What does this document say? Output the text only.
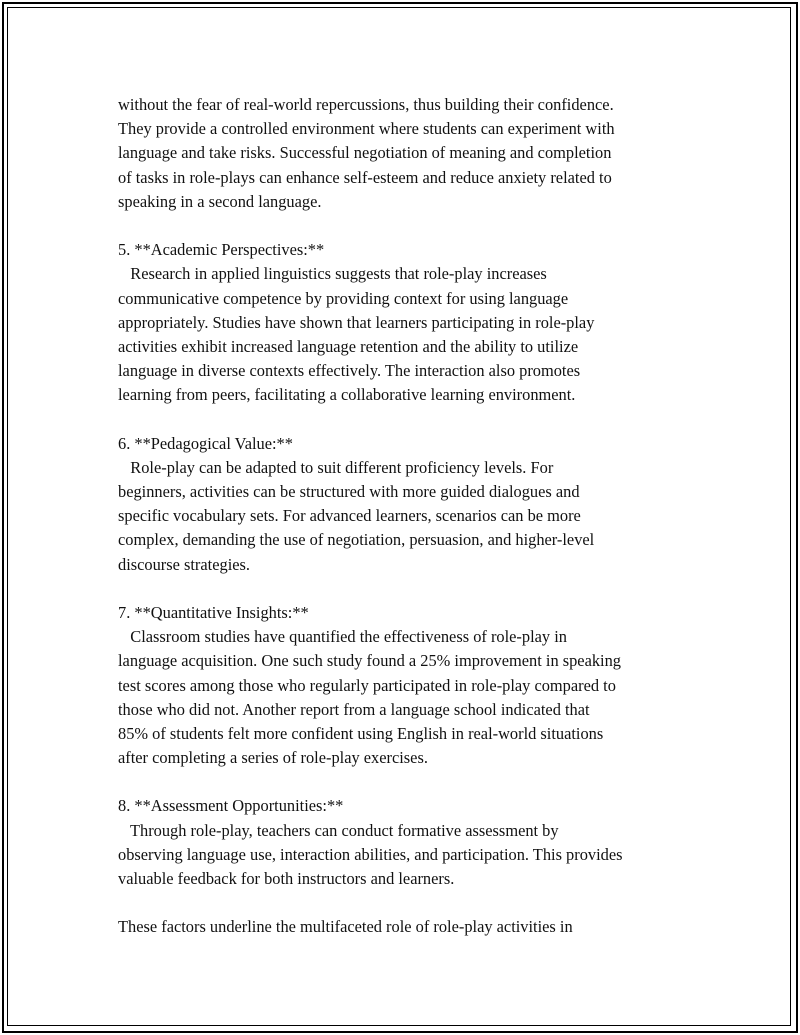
without the fear of real-world repercussions, thus building their confidence.
They provide a controlled environment where students can experiment with
language and take risks. Successful negotiation of meaning and completion
of tasks in role-plays can enhance self-esteem and reduce anxiety related to
speaking in a second language.
5. **Academic Perspectives:**
Research in applied linguistics suggests that role-play increases
communicative competence by providing context for using language
appropriately. Studies have shown that learners participating in role-play
activities exhibit increased language retention and the ability to utilize
language in diverse contexts effectively. The interaction also promotes
learning from peers, facilitating a collaborative learning environment.
6. **Pedagogical Value:**
Role-play can be adapted to suit different proficiency levels. For
beginners, activities can be structured with more guided dialogues and
specific vocabulary sets. For advanced learners, scenarios can be more
complex, demanding the use of negotiation, persuasion, and higher-level
discourse strategies.
7. **Quantitative Insights:**
Classroom studies have quantified the effectiveness of role-play in
language acquisition. One such study found a 25% improvement in speaking
test scores among those who regularly participated in role-play compared to
those who did not. Another report from a language school indicated that
85% of students felt more confident using English in real-world situations
after completing a series of role-play exercises.
8. **Assessment Opportunities:**
Through role-play, teachers can conduct formative assessment by
observing language use, interaction abilities, and participation. This provides
valuable feedback for both instructors and learners.
These factors underline the multifaceted role of role-play activities in
